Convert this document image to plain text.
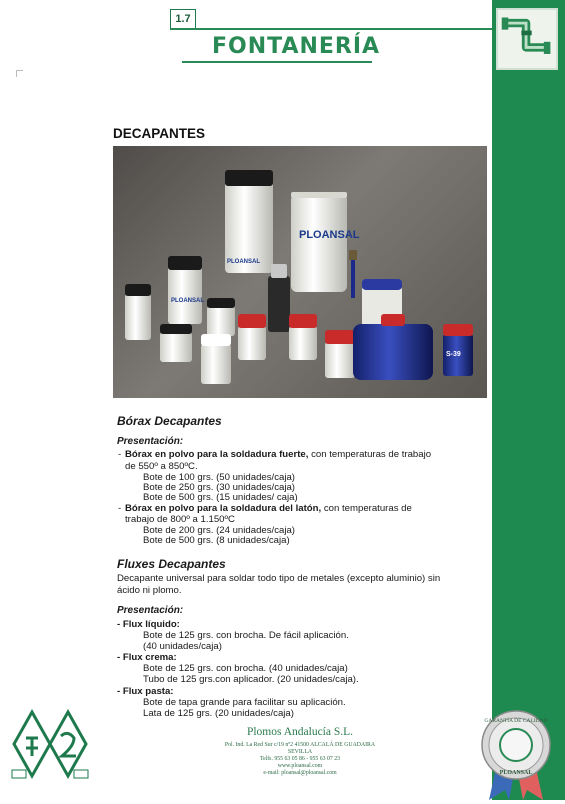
1.7
FONTANERÍA
DECAPANTES
PLOANSAL
PLOANSAL
PLOANSAL
S-39
Bórax Decapantes
Presentación:
- Bórax en polvo para la soldadura fuerte, con temperaturas de trabajo
de 550º a 850ºC.
Bote de 100 grs. (50 unidades/caja)
Bote de 250 grs. (30 unidades/caja)
Bote de 500 grs. (15 unidades/ caja)
- Bórax en polvo para la soldadura del latón, con temperaturas de
trabajo de 800º a 1.150ºC
Bote de 200 grs. (24 unidades/caja)
Bote de 500 grs. (8 unidades/caja)
Fluxes Decapantes
Decapante universal para soldar todo tipo de metales (excepto aluminio) sin
ácido ni plomo.
Presentación:
- Flux líquido:
Bote de 125 grs. con brocha. De fácil aplicación.
(40 unidades/caja)
- Flux crema:
Bote de 125 grs. con brocha. (40 unidades/caja)
Tubo de 125 grs.con aplicador. (20 unidades/caja).
- Flux pasta:
Bote de tapa grande para facilitar su aplicación.
Lata de 125 grs. (20 unidades/caja)
Plomos Andalucía S.L.
Pol. Ind. La Red Sur c/19 nº2 41500 ALCALÁ DE GUADAIRA
SEVILLA
Telfs. 955 63 05 86 - 955 63 07 23
www.ploansal.com
e-mail: ploansal@ploansal.com
GARANTÍA DE CALIDAD
PLOANSAL
